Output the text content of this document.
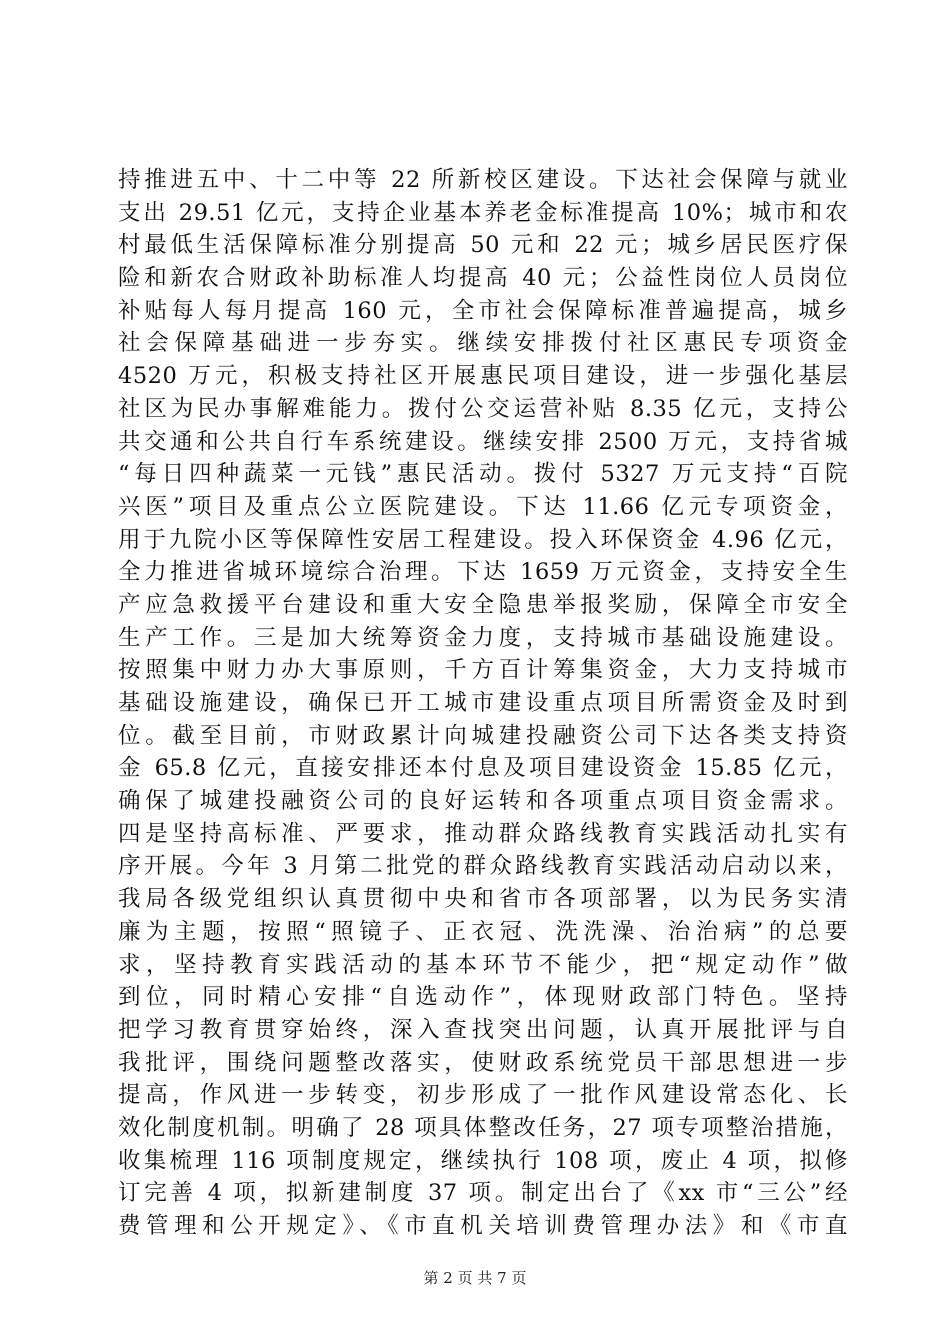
持推进五中、十二中等 22 所新校区建设。下达社会保障与就业
支出 29.51 亿元，支持企业基本养老金标准提高 10%；城市和农
村最低生活保障标准分别提高 50 元和 22 元；城乡居民医疗保
险和新农合财政补助标准人均提高 40 元；公益性岗位人员岗位
补贴每人每月提高 160 元，全市社会保障标准普遍提高，城乡
社会保障基础进一步夯实。继续安排拨付社区惠民专项资金
4520 万元，积极支持社区开展惠民项目建设，进一步强化基层
社区为民办事解难能力。拨付公交运营补贴 8.35 亿元，支持公
共交通和公共自行车系统建设。继续安排 2500 万元，支持省城
“每日四种蔬菜一元钱”惠民活动。拨付 5327 万元支持“百院
兴医”项目及重点公立医院建设。下达 11.66 亿元专项资金，
用于九院小区等保障性安居工程建设。投入环保资金 4.96 亿元，
全力推进省城环境综合治理。下达 1659 万元资金，支持安全生
产应急救援平台建设和重大安全隐患举报奖励，保障全市安全
生产工作。三是加大统筹资金力度，支持城市基础设施建设。
按照集中财力办大事原则，千方百计筹集资金，大力支持城市
基础设施建设，确保已开工城市建设重点项目所需资金及时到
位。截至目前，市财政累计向城建投融资公司下达各类支持资
金 65.8 亿元，直接安排还本付息及项目建设资金 15.85 亿元，
确保了城建投融资公司的良好运转和各项重点项目资金需求。
四是坚持高标准、严要求，推动群众路线教育实践活动扎实有
序开展。今年 3 月第二批党的群众路线教育实践活动启动以来，
我局各级党组织认真贯彻中央和省市各项部署，以为民务实清
廉为主题，按照“照镜子、正衣冠、洗洗澡、治治病”的总要
求，坚持教育实践活动的基本环节不能少，把“规定动作”做
到位，同时精心安排“自选动作”，体现财政部门特色。坚持
把学习教育贯穿始终，深入查找突出问题，认真开展批评与自
我批评，围绕问题整改落实，使财政系统党员干部思想进一步
提高，作风进一步转变，初步形成了一批作风建设常态化、长
效化制度机制。明确了 28 项具体整改任务，27 项专项整治措施，
收集梳理 116 项制度规定，继续执行 108 项，废止 4 项，拟修
订完善 4 项，拟新建制度 37 项。制定出台了《xx 市“三公”经
费管理和公开规定》、《市直机关培训费管理办法》和《市直
第 2 页 共 7 页
